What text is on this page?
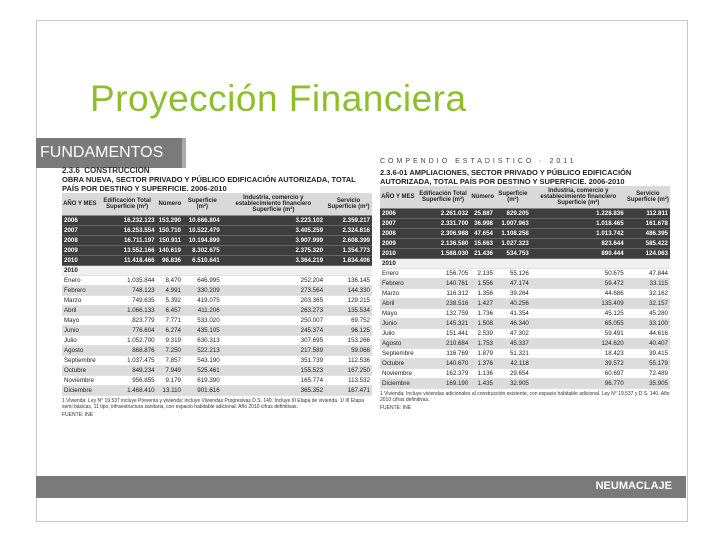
Proyección Financiera
FUNDAMENTOS
2.3.6 CONSTRUCCIÓN
OBRA NUEVA, SECTOR PRIVADO Y PÚBLICO EDIFICACIÓN AUTORIZADA, TOTAL PAÍS POR DESTINO Y SUPERFICIE. 2006-2010
AÑO Y MES	Edificación Total Superficie (m²)	Número	Superficie (m²)	Industria, comercio y establecimiento financiero Superficie (m²)	Servicio Superficie (m²)
2006	16.232.123	153.290	10.666.804	3.223.102	2.359.217
2007	16.253.554	150.710	10.522.479	3.405.259	2.324.816
2008	16.711.197	150.911	10.194.899	3.907.999	2.608.399
2009	13.552.166	140.619	8.302.675	2.375.320	1.354.773
2010	11.418.466	96.836	6.510.641	3.364.219	1.834.406
2010					
Enero	1.035.844	8.470	646.995	252.204	136.145
Febrero	748.123	4.991	330.209	273.564	144.330
Marzo	749.635	5.392	419.075	203.365	129.215
Abril	1.066.133	6.457	411.206	263.273	135.534
Mayo	823.779	7.771	533.020	250.007	69.752
Junio	776.604	6.274	435.105	245.374	96.125
Julio	1.052.700	9.319	630.313	307.695	153.266
Agosto	868.876	7.250	522.213	217.589	59.066
Septiembre	1.037.475	7.857	543.190	351.739	112.536
Octubre	849.234	7.949	525.461	155.523	167.250
Noviembre	956.855	9.179	619.390	165.774	113.532
Diciembre	1.468.410	13.110	901.616	365.352	167.471
1 Vivienda: Ley N° 19.537 incluye Preventa y vivienda: incluye Viviendas Progresivas D.S. 140. Incluye III Etapa de vivienda. 1/ III Etapa semi básicas, 11 tipo, infraestructura sanitaria, con espacio habitable adicional. Año 2010 cifras definitivas.
FUENTE: INE
COMPENDIO ESTADÍSTICO · 2011
2.3.6-01 AMPLIACIONES, SECTOR PRIVADO Y PÚBLICO EDIFICACIÓN AUTORIZADA, TOTAL PAÍS POR DESTINO Y SUPERFICIE. 2006-2010
AÑO Y MES	Edificación Total Superficie (m²)	Número	Superficie (m²)	Industria, comercio y establecimiento financiero Superficie (m²)	Servicio Superficie (m²)
2006	2.261.032	25.887	829.205	1.228.836	112.811
2007	2.331.700	36.998	1.007.963	1.018.465	161.678
2008	2.306.988	47.654	1.108.258	1.013.742	486.395
2009	2.136.580	15.663	1.027.323	823.644	585.422
2010	1.588.030	21.436	534.753	890.444	124.063
2010					
Enero	156.705	2.135	55.126	50.675	47.844
Febrero	140.761	1.556	47.174	59.472	33.115
Marzo	116.312	1.356	39.264	44.686	32.162
Abril	238.516	1.427	40.256	135.409	32.157
Mayo	132.759	1.736	41.354	45.125	45.280
Junio	145.321	1.508	46.340	65.055	33.100
Julio	151.441	2.539	47.302	59.491	44.616
Agosto	210.684	1.753	45.337	124.620	40.407
Septiembre	116.769	1.879	51.321	18.423	39.415
Octubre	140.670	1.376	42.118	39.572	55.179
Noviembre	162.379	1.136	29.654	60.697	72.489
Diciembre	169.190	1.435	32.905	96.770	35.905
1 Vivienda: Incluye viviendas adicionales al construcción existente, con espacio habitable adicional. Ley N° 19.537 y D.S. 140. Año 2010 cifras definitivas.
FUENTE: INE
NEUMACLAJE
